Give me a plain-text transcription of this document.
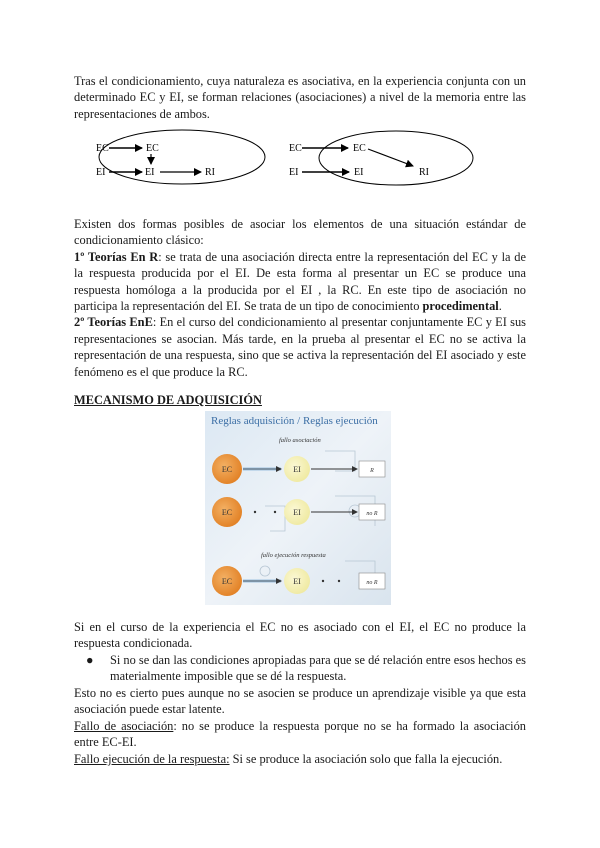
Tras el condicionamiento, cuya naturaleza es asociativa, en la experiencia conjunta con un determinado EC y EI, se forman relaciones (asociaciones) a nivel de la memoria entre las representaciones de ambos.

EC
EI
EC
EI	RI
EC
EI
EC
EI	RI

Existen dos formas posibles de asociar los elementos de una situación estándar de condicionamiento clásico:
1º Teorías En R: se trata de una asociación directa entre la representación del EC y la de la respuesta producida por el EI. De esta forma al presentar un EC se produce una respuesta homóloga a la producida por el EI , la RC. En este tipo de asociación no participa la representación del EI. Se trata de un tipo de conocimiento procedimental.
2º Teorías EnE: En el curso del condicionamiento al presentar conjuntamente EC y EI sus representaciones se asocian. Más tarde, en la prueba al presentar el EC no se activa la representación de una respuesta, sino que se activa la representación del EI asociado y este fenómeno es el que produce la RC.

MECANISMO DE ADQUISICIÓN

Reglas adquisición / Reglas ejecución
fallo asociación
EC	EI	R
EC	EI	no R
fallo ejecución respuesta
EC	EI	no R

Si en el curso de la experiencia el EC no es asociado con el EI, el EC no produce la respuesta condicionada.

● Si no se dan las condiciones apropiadas para que se dé relación entre esos hechos es materialmente imposible que se dé la respuesta.

Esto no es cierto pues aunque no se asocien se produce un aprendizaje visible ya que esta asociación puede estar latente.

Fallo de asociación: no se produce la respuesta porque no se ha formado la asociación entre EC-EI.

Fallo ejecución de la respuesta: Si se produce la asociación solo que falla la ejecución.
